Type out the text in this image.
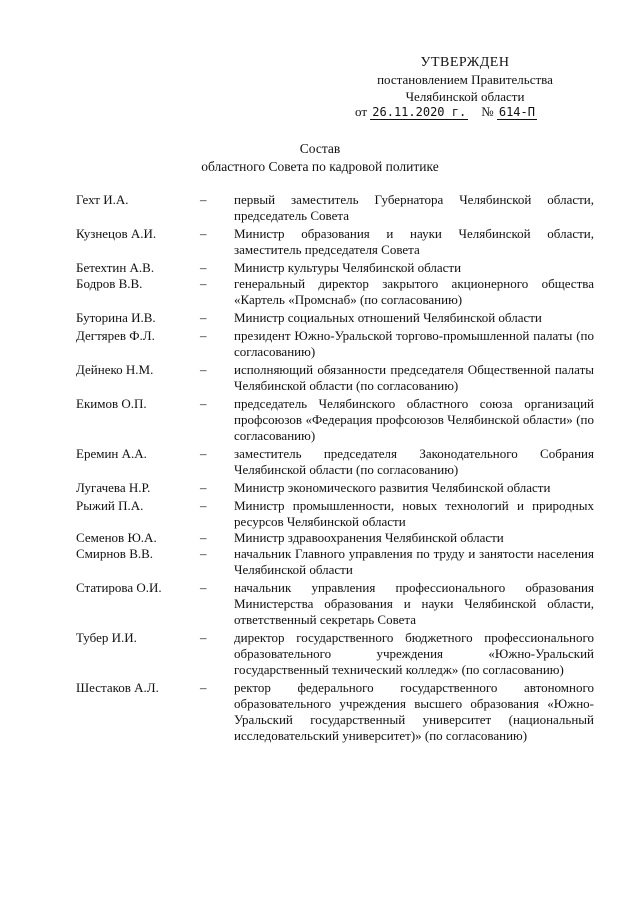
УТВЕРЖДЕН
постановлением Правительства
Челябинской области
от 26.11.2020 г. № 614-П
Состав
областного Совета по кадровой политике
Гехт И.А.	–	первый заместитель Губернатора Челябинской области, председатель Совета
Кузнецов А.И.	–	Министр образования и науки Челябинской области, заместитель председателя Совета
Бетехтин А.В.	–	Министр культуры Челябинской области
Бодров В.В.	–	генеральный директор закрытого акционерного общества «Картель «Промснаб» (по согласованию)
Буторина И.В.	–	Министр социальных отношений Челябинской области
Дегтярев Ф.Л.	–	президент Южно-Уральской торгово-промышленной палаты (по согласованию)
Дейнеко Н.М.	–	исполняющий обязанности председателя Общественной палаты Челябинской области (по согласованию)
Екимов О.П.	–	председатель Челябинского областного союза организаций профсоюзов «Федерация профсоюзов Челябинской области» (по согласованию)
Еремин А.А.	–	заместитель председателя Законодательного Собрания Челябинской области (по согласованию)
Лугачева Н.Р.	–	Министр экономического развития Челябинской области
Рыжий П.А.	–	Министр промышленности, новых технологий и природных ресурсов Челябинской области
Семенов Ю.А.	–	Министр здравоохранения Челябинской области
Смирнов В.В.	–	начальник Главного управления по труду и занятости населения Челябинской области
Статирова О.И.	–	начальник управления профессионального образования Министерства образования и науки Челябинской области, ответственный секретарь Совета
Тубер И.И.	–	директор государственного бюджетного профессионального образовательного учреждения «Южно-Уральский государственный технический колледж» (по согласованию)
Шестаков А.Л.	–	ректор федерального государственного автономного образовательного учреждения высшего образования «Южно-Уральский государственный университет (национальный исследовательский университет)» (по согласованию)
